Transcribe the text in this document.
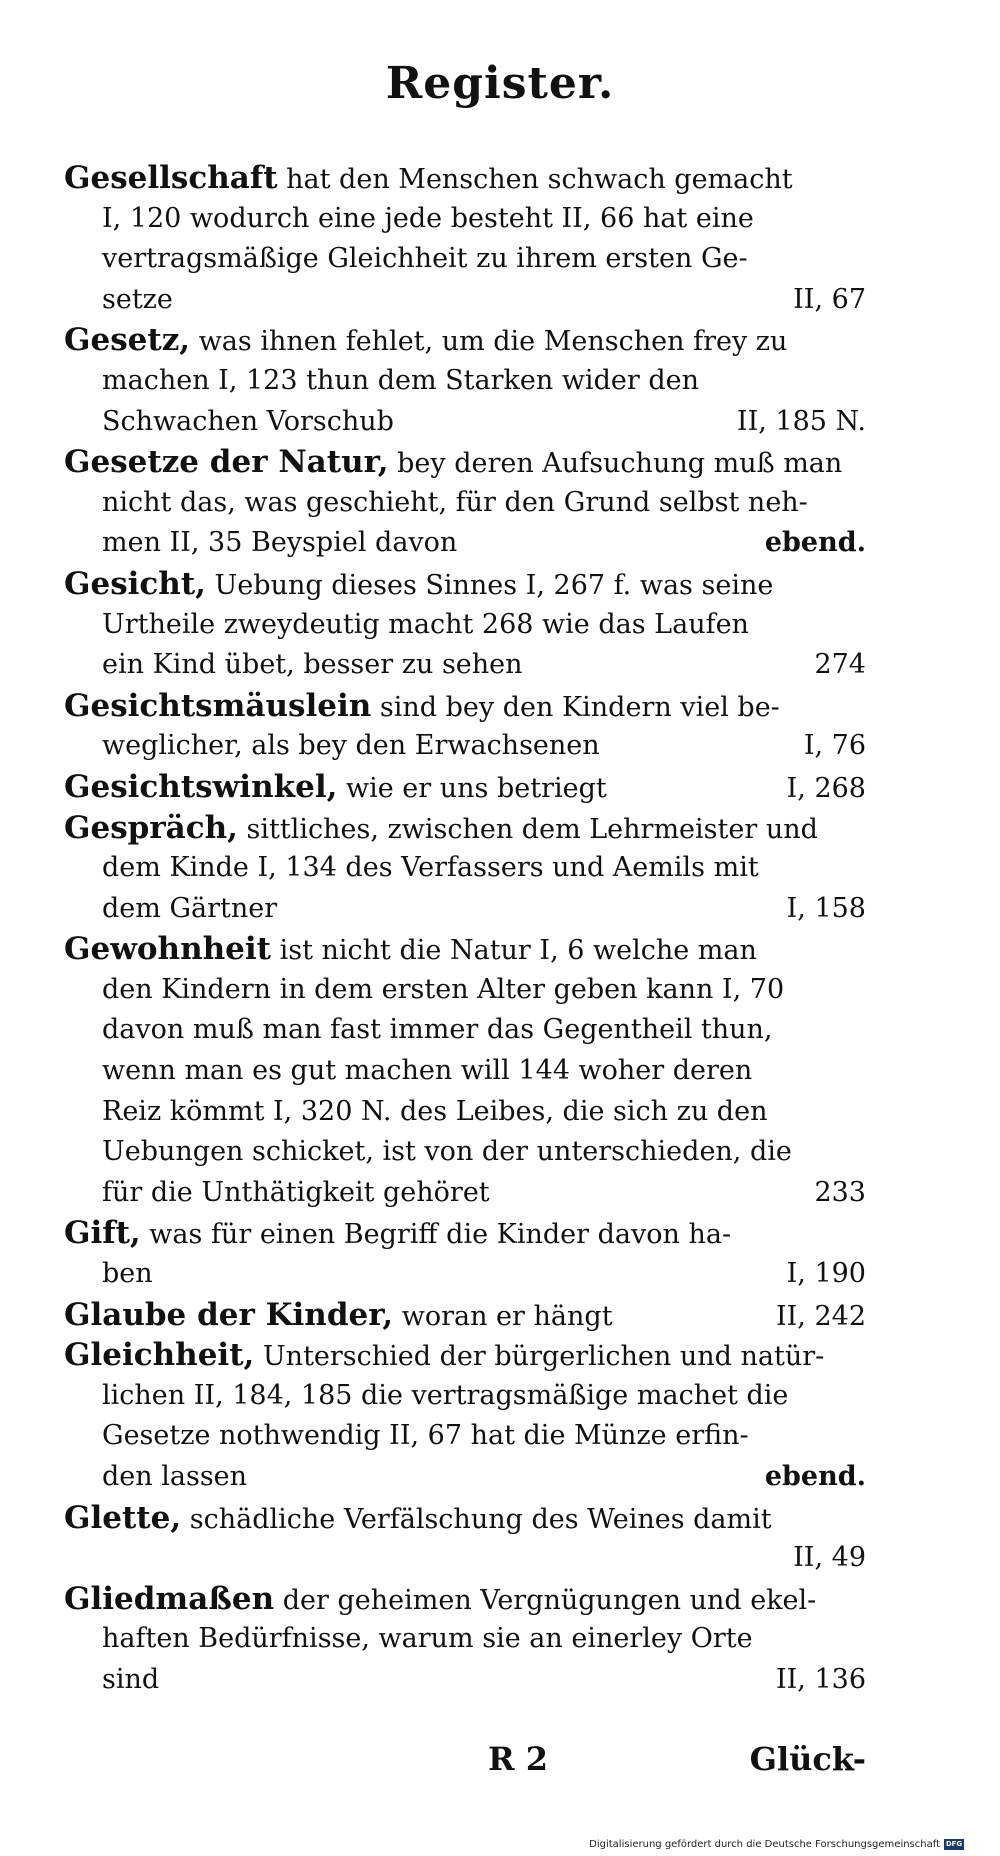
Register.
Gesellschaft hat den Menschen schwach gemacht
I, 120 wodurch eine jede besteht II, 66 hat eine
vertragsmäßige Gleichheit zu ihrem ersten Ge-
setze	II, 67
Gesetz, was ihnen fehlet, um die Menschen frey zu
machen I, 123 thun dem Starken wider den
Schwachen Vorschub	II, 185 N.
Gesetze der Natur, bey deren Aufsuchung muß man
nicht das, was geschieht, für den Grund selbst neh-
men II, 35 Beyspiel davon	ebend.
Gesicht, Uebung dieses Sinnes I, 267 f. was seine
Urtheile zweydeutig macht 268 wie das Laufen
ein Kind übet, besser zu sehen	274
Gesichtsmäuslein sind bey den Kindern viel be-
weglicher, als bey den Erwachsenen	I, 76
Gesichtswinkel, wie er uns betriegt	I, 268
Gespräch, sittliches, zwischen dem Lehrmeister und
dem Kinde I, 134 des Verfassers und Aemils mit
dem Gärtner	I, 158
Gewohnheit ist nicht die Natur I, 6 welche man
den Kindern in dem ersten Alter geben kann I, 70
davon muß man fast immer das Gegentheil thun,
wenn man es gut machen will 144 woher deren
Reiz kömmt I, 320 N. des Leibes, die sich zu den
Uebungen schicket, ist von der unterschieden, die
für die Unthätigkeit gehöret	233
Gift, was für einen Begriff die Kinder davon ha-
ben	I, 190
Glaube der Kinder, woran er hängt	II, 242
Gleichheit, Unterschied der bürgerlichen und natür-
lichen II, 184, 185 die vertragsmäßige machet die
Gesetze nothwendig II, 67 hat die Münze erfin-
den lassen	ebend.
Glette, schädliche Verfälschung des Weines damit
II, 49
Gliedmaßen der geheimen Vergnügungen und ekel-
haften Bedürfnisse, warum sie an einerley Orte
sind	II, 136
R 2	Glück-
Digitalisierung gefördert durch die Deutsche Forschungsgemeinschaft DFG
